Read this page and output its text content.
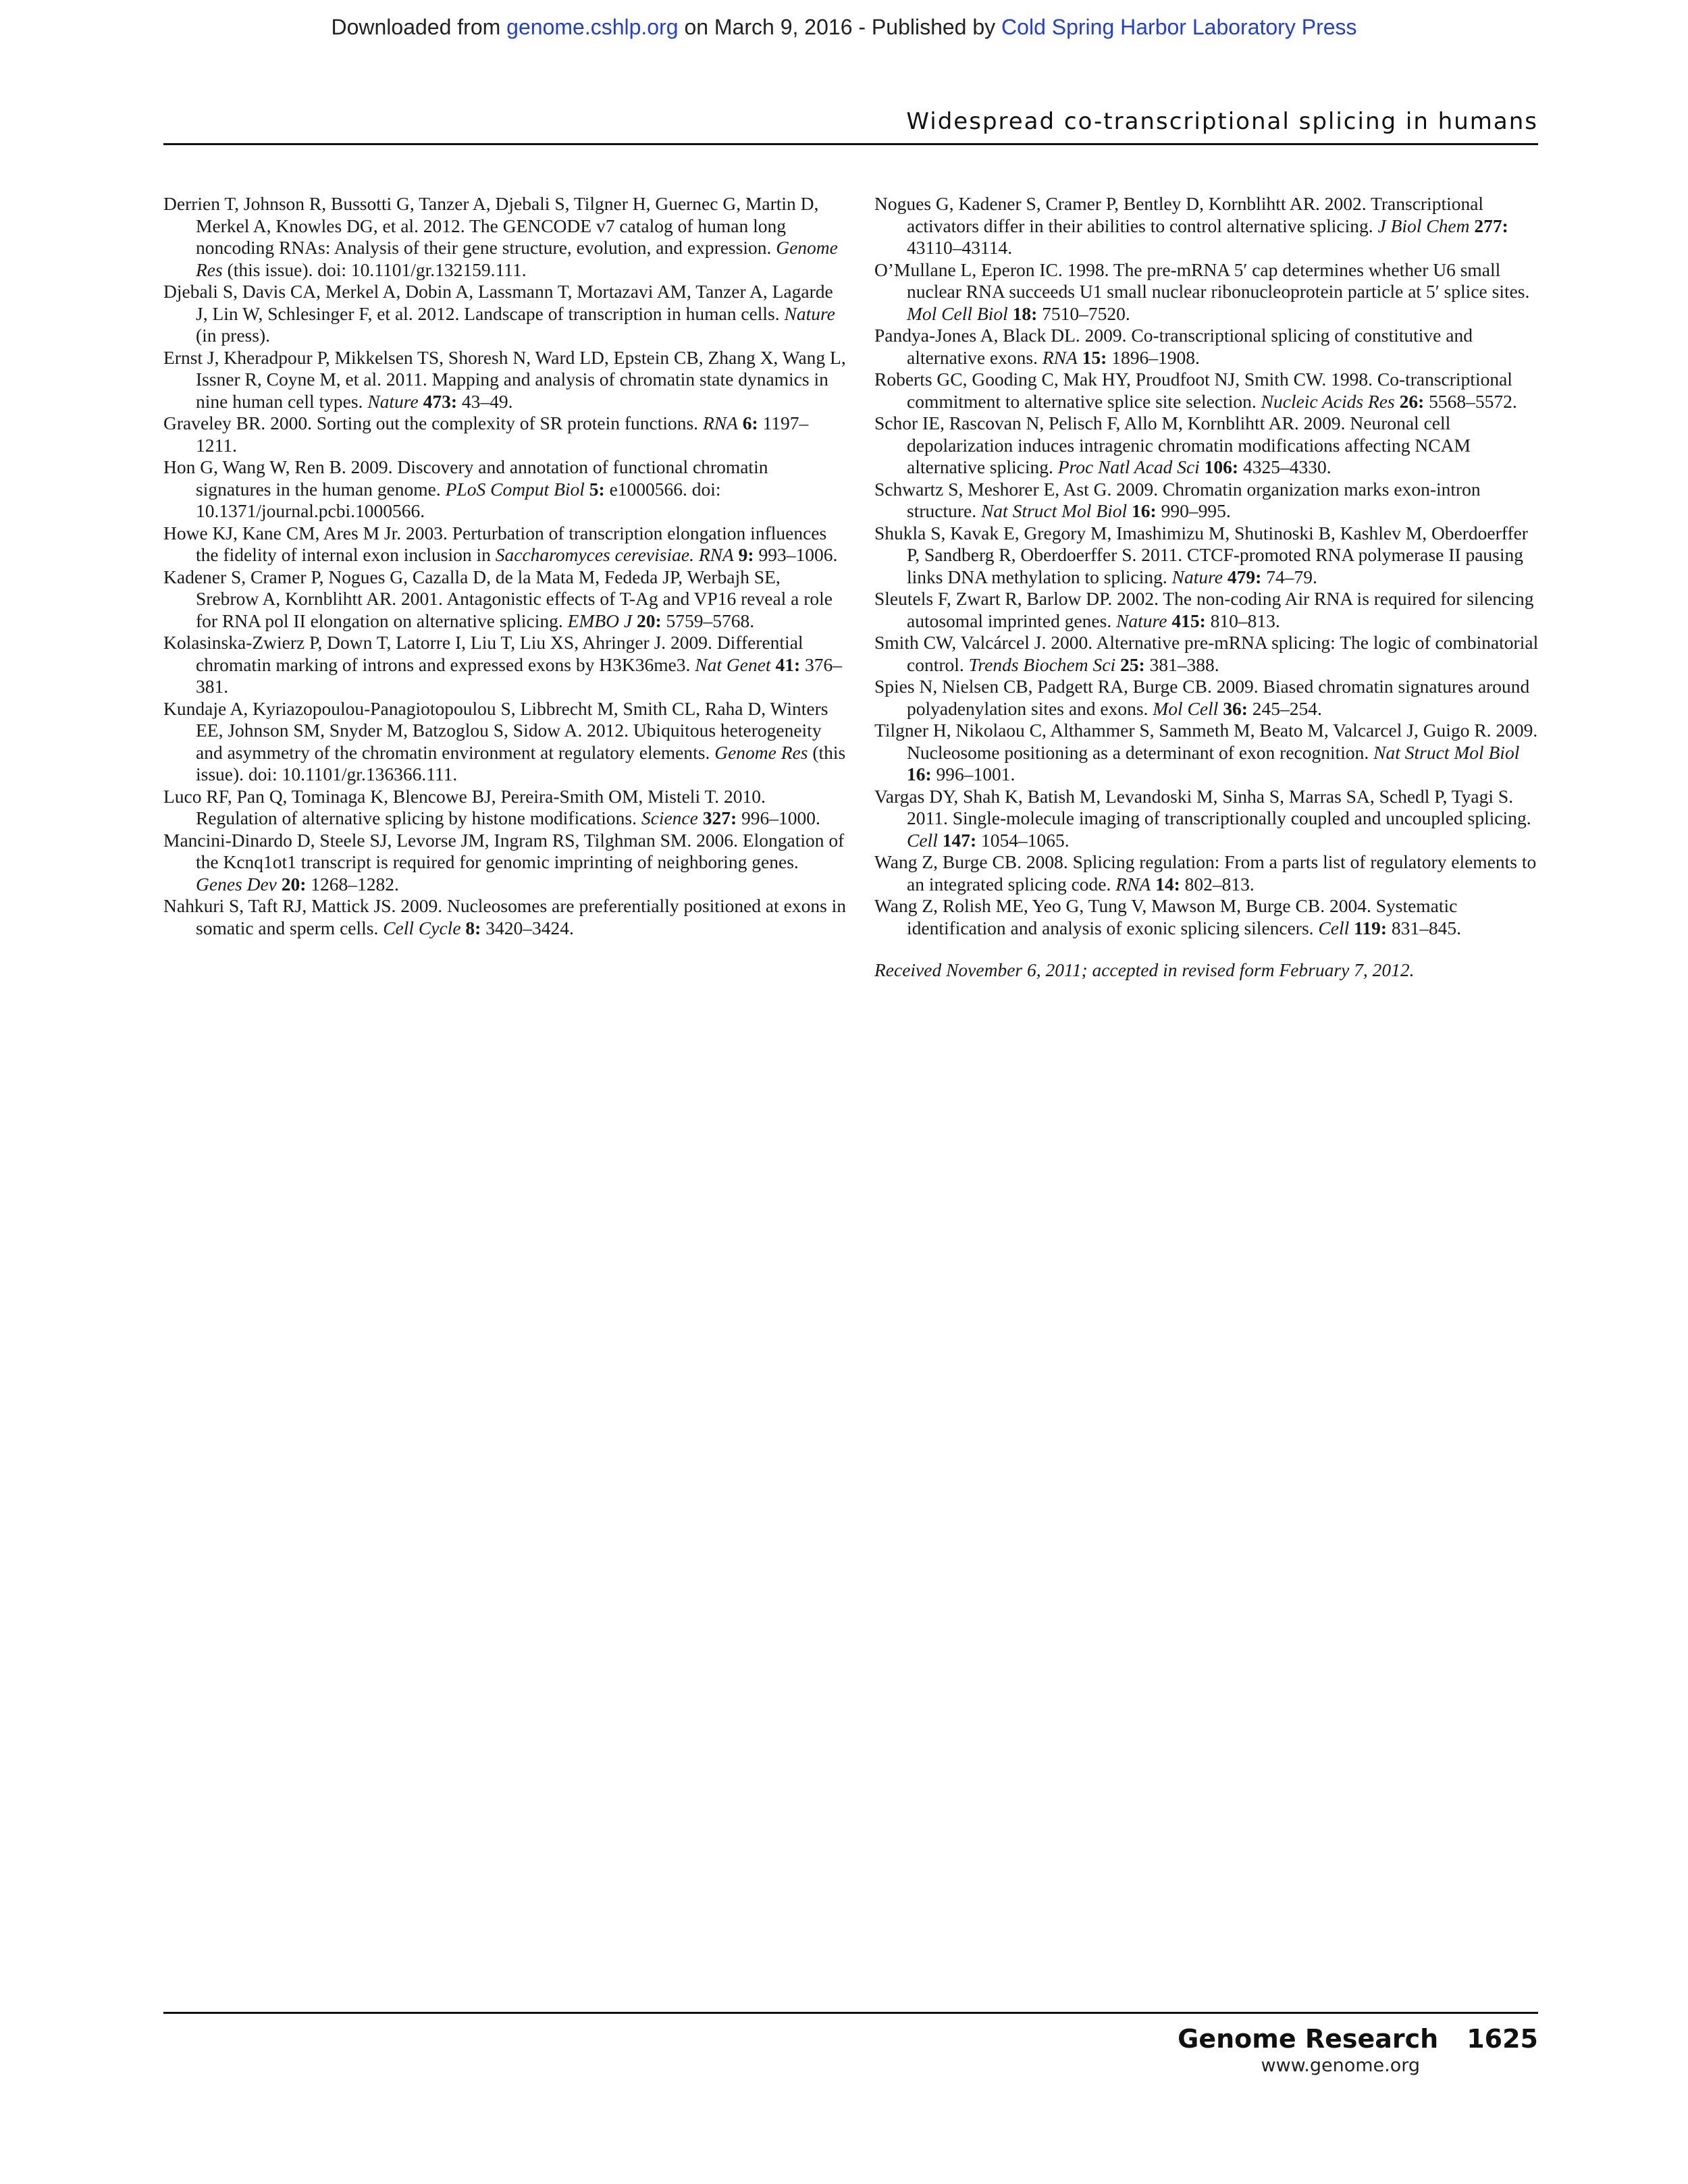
Downloaded from genome.cshlp.org on March 9, 2016 - Published by Cold Spring Harbor Laboratory Press
Widespread co-transcriptional splicing in humans

Derrien T, Johnson R, Bussotti G, Tanzer A, Djebali S, Tilgner H, Guernec G, Martin D, Merkel A, Knowles DG, et al. 2012. The GENCODE v7 catalog of human long noncoding RNAs: Analysis of their gene structure, evolution, and expression. Genome Res (this issue). doi: 10.1101/gr.132159.111.

Djebali S, Davis CA, Merkel A, Dobin A, Lassmann T, Mortazavi AM, Tanzer A, Lagarde J, Lin W, Schlesinger F, et al. 2012. Landscape of transcription in human cells. Nature (in press).

Ernst J, Kheradpour P, Mikkelsen TS, Shoresh N, Ward LD, Epstein CB, Zhang X, Wang L, Issner R, Coyne M, et al. 2011. Mapping and analysis of chromatin state dynamics in nine human cell types. Nature 473: 43–49.

Graveley BR. 2000. Sorting out the complexity of SR protein functions. RNA 6: 1197–1211.

Hon G, Wang W, Ren B. 2009. Discovery and annotation of functional chromatin signatures in the human genome. PLoS Comput Biol 5: e1000566. doi: 10.1371/journal.pcbi.1000566.

Howe KJ, Kane CM, Ares M Jr. 2003. Perturbation of transcription elongation influences the fidelity of internal exon inclusion in Saccharomyces cerevisiae. RNA 9: 993–1006.

Kadener S, Cramer P, Nogues G, Cazalla D, de la Mata M, Fededa JP, Werbajh SE, Srebrow A, Kornblihtt AR. 2001. Antagonistic effects of T-Ag and VP16 reveal a role for RNA pol II elongation on alternative splicing. EMBO J 20: 5759–5768.

Kolasinska-Zwierz P, Down T, Latorre I, Liu T, Liu XS, Ahringer J. 2009. Differential chromatin marking of introns and expressed exons by H3K36me3. Nat Genet 41: 376–381.

Kundaje A, Kyriazopoulou-Panagiotopoulou S, Libbrecht M, Smith CL, Raha D, Winters EE, Johnson SM, Snyder M, Batzoglou S, Sidow A. 2012. Ubiquitous heterogeneity and asymmetry of the chromatin environment at regulatory elements. Genome Res (this issue). doi: 10.1101/gr.136366.111.

Luco RF, Pan Q, Tominaga K, Blencowe BJ, Pereira-Smith OM, Misteli T. 2010. Regulation of alternative splicing by histone modifications. Science 327: 996–1000.

Mancini-Dinardo D, Steele SJ, Levorse JM, Ingram RS, Tilghman SM. 2006. Elongation of the Kcnq1ot1 transcript is required for genomic imprinting of neighboring genes. Genes Dev 20: 1268–1282.

Nahkuri S, Taft RJ, Mattick JS. 2009. Nucleosomes are preferentially positioned at exons in somatic and sperm cells. Cell Cycle 8: 3420–3424.

Nogues G, Kadener S, Cramer P, Bentley D, Kornblihtt AR. 2002. Transcriptional activators differ in their abilities to control alternative splicing. J Biol Chem 277: 43110–43114.

O’Mullane L, Eperon IC. 1998. The pre-mRNA 5′ cap determines whether U6 small nuclear RNA succeeds U1 small nuclear ribonucleoprotein particle at 5′ splice sites. Mol Cell Biol 18: 7510–7520.

Pandya-Jones A, Black DL. 2009. Co-transcriptional splicing of constitutive and alternative exons. RNA 15: 1896–1908.

Roberts GC, Gooding C, Mak HY, Proudfoot NJ, Smith CW. 1998. Co-transcriptional commitment to alternative splice site selection. Nucleic Acids Res 26: 5568–5572.

Schor IE, Rascovan N, Pelisch F, Allo M, Kornblihtt AR. 2009. Neuronal cell depolarization induces intragenic chromatin modifications affecting NCAM alternative splicing. Proc Natl Acad Sci 106: 4325–4330.

Schwartz S, Meshorer E, Ast G. 2009. Chromatin organization marks exon-intron structure. Nat Struct Mol Biol 16: 990–995.

Shukla S, Kavak E, Gregory M, Imashimizu M, Shutinoski B, Kashlev M, Oberdoerffer P, Sandberg R, Oberdoerffer S. 2011. CTCF-promoted RNA polymerase II pausing links DNA methylation to splicing. Nature 479: 74–79.

Sleutels F, Zwart R, Barlow DP. 2002. The non-coding Air RNA is required for silencing autosomal imprinted genes. Nature 415: 810–813.

Smith CW, Valcárcel J. 2000. Alternative pre-mRNA splicing: The logic of combinatorial control. Trends Biochem Sci 25: 381–388.

Spies N, Nielsen CB, Padgett RA, Burge CB. 2009. Biased chromatin signatures around polyadenylation sites and exons. Mol Cell 36: 245–254.

Tilgner H, Nikolaou C, Althammer S, Sammeth M, Beato M, Valcarcel J, Guigo R. 2009. Nucleosome positioning as a determinant of exon recognition. Nat Struct Mol Biol 16: 996–1001.

Vargas DY, Shah K, Batish M, Levandoski M, Sinha S, Marras SA, Schedl P, Tyagi S. 2011. Single-molecule imaging of transcriptionally coupled and uncoupled splicing. Cell 147: 1054–1065.

Wang Z, Burge CB. 2008. Splicing regulation: From a parts list of regulatory elements to an integrated splicing code. RNA 14: 802–813.

Wang Z, Rolish ME, Yeo G, Tung V, Mawson M, Burge CB. 2004. Systematic identification and analysis of exonic splicing silencers. Cell 119: 831–845.

Received November 6, 2011; accepted in revised form February 7, 2012.
Genome Research 1625
www.genome.org
